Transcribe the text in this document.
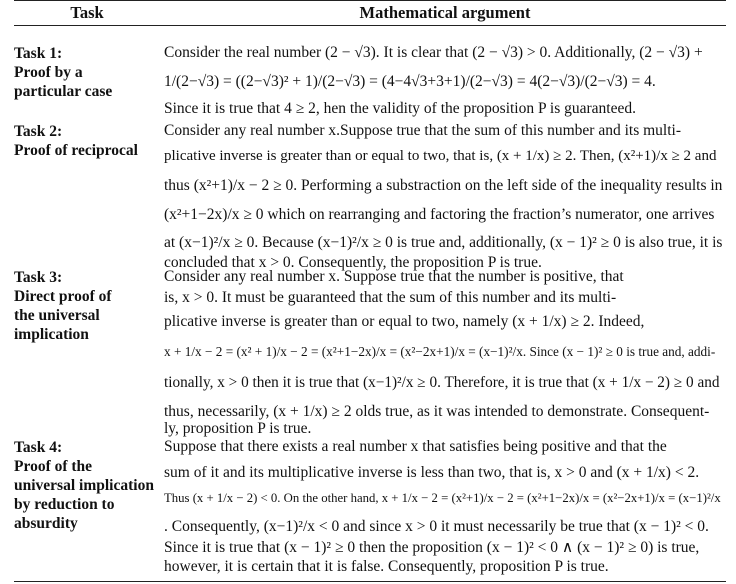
Task	Mathematical argument
Task 1:
Proof by a
particular case
Consider the real number (2 − √3). It is clear that (2 − √3) > 0. Additionally, (2 − √3) +
1/(2−√3) = ((2−√3)² + 1)/(2−√3) = (4−4√3+3+1)/(2−√3) = 4(2−√3)/(2−√3) = 4.
Since it is true that 4 ≥ 2, hen the validity of the proposition P is guaranteed.
Task 2:
Proof of reciprocal
Consider any real number x.Suppose true that the sum of this number and its multi-
plicative inverse is greater than or equal to two, that is, (x + 1/x) ≥ 2. Then, (x²+1)/x ≥ 2 and
thus (x²+1)/x − 2 ≥ 0. Performing a substraction on the left side of the inequality results in
(x²+1−2x)/x ≥ 0 which on rearranging and factoring the fraction’s numerator, one arrives
at (x−1)²/x ≥ 0. Because (x−1)²/x ≥ 0 is true and, additionally, (x − 1)² ≥ 0 is also true, it is
concluded that x > 0. Consequently, the proposition P is true.
Task 3:
Direct proof of
the universal
implication
Consider any real number x. Suppose true that the number is positive, that
is, x > 0. It must be guaranteed that the sum of this number and its multi-
plicative inverse is greater than or equal to two, namely (x + 1/x) ≥ 2. Indeed,
x + 1/x − 2 = (x² + 1)/x − 2 = (x²+1−2x)/x = (x²−2x+1)/x = (x−1)²/x. Since (x − 1)² ≥ 0 is true and, addi-
tionally, x > 0 then it is true that (x−1)²/x ≥ 0. Therefore, it is true that (x + 1/x − 2) ≥ 0 and
thus, necessarily, (x + 1/x) ≥ 2 olds true, as it was intended to demonstrate. Consequent-
ly, proposition P is true.
Task 4:
Proof of the
universal implication
by reduction to
absurdity
Suppose that there exists a real number x that satisfies being positive and that the
sum of it and its multiplicative inverse is less than two, that is, x > 0 and (x + 1/x) < 2.
Thus (x + 1/x − 2) < 0. On the other hand, x + 1/x − 2 = (x²+1)/x − 2 = (x²+1−2x)/x = (x²−2x+1)/x = (x−1)²/x
. Consequently, (x−1)²/x < 0 and since x > 0 it must necessarily be true that (x − 1)² < 0.
Since it is true that (x − 1)² ≥ 0 then the proposition (x − 1)² < 0 ∧ (x − 1)² ≥ 0) is true,
however, it is certain that it is false. Consequently, proposition P is true.
